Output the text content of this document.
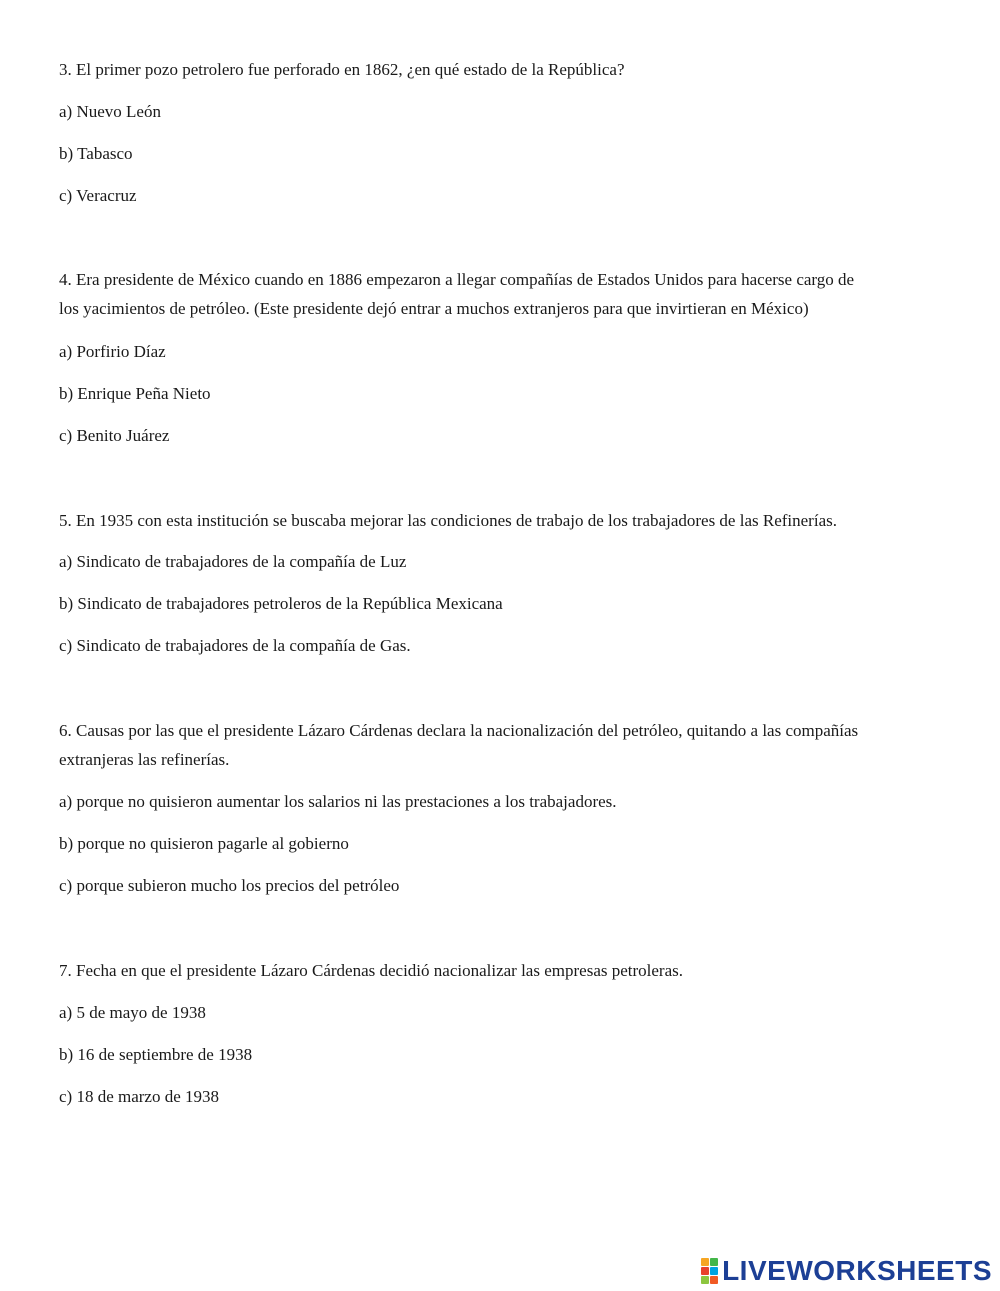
3. El primer pozo petrolero fue perforado en 1862, ¿en qué estado de la República?
a) Nuevo León
b) Tabasco
c) Veracruz
4. Era presidente de México cuando en 1886 empezaron a llegar compañías de Estados Unidos para hacerse cargo de
los yacimientos de petróleo. (Este presidente dejó entrar a muchos extranjeros para que invirtieran en México)
a) Porfirio Díaz
b) Enrique Peña Nieto
c) Benito Juárez
5. En 1935 con esta institución se buscaba mejorar las condiciones de trabajo de los trabajadores de las Refinerías.
a) Sindicato de trabajadores de la compañía de Luz
b) Sindicato de trabajadores petroleros de la República Mexicana
c) Sindicato de trabajadores de la compañía de Gas.
6. Causas por las que el presidente Lázaro Cárdenas declara la nacionalización del petróleo, quitando a las compañías
extranjeras las refinerías.
a) porque no quisieron aumentar los salarios ni las prestaciones a los trabajadores.
b) porque no quisieron pagarle al gobierno
c) porque subieron mucho los precios del petróleo
7. Fecha en que el presidente Lázaro Cárdenas decidió nacionalizar las empresas petroleras.
a) 5 de mayo de 1938
b) 16 de septiembre de 1938
c) 18 de marzo de 1938
LIVEWORKSHEETS
